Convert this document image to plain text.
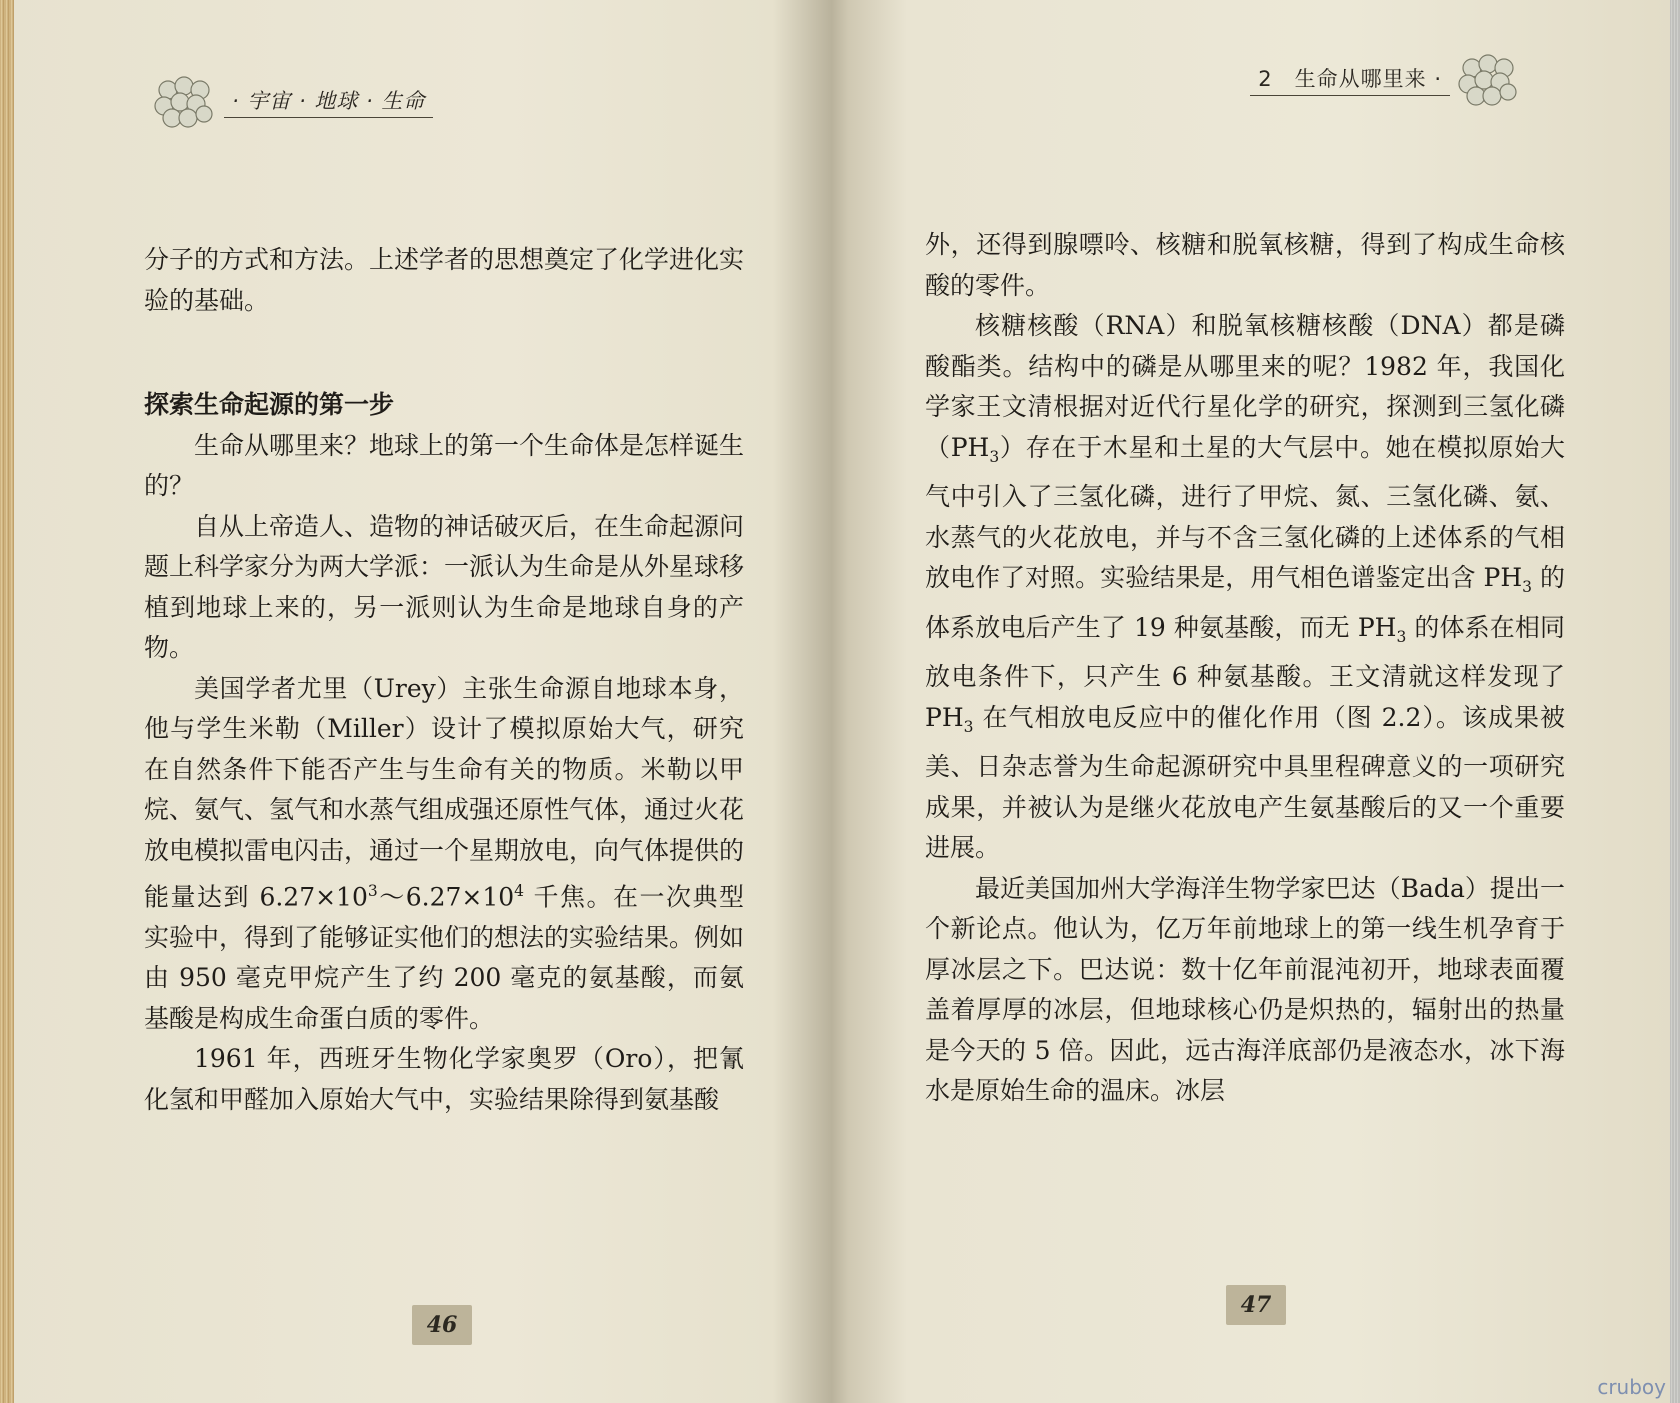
· 宇宙 · 地球 · 生命

分子的方式和方法。上述学者的思想奠定了化学进化实验的基础。

探索生命起源的第一步

生命从哪里来？地球上的第一个生命体是怎样诞生的？

自从上帝造人、造物的神话破灭后，在生命起源问题上科学家分为两大学派：一派认为生命是从外星球移植到地球上来的，另一派则认为生命是地球自身的产物。

美国学者尤里（Urey）主张生命源自地球本身，他与学生米勒（Miller）设计了模拟原始大气，研究在自然条件下能否产生与生命有关的物质。米勒以甲烷、氨气、氢气和水蒸气组成强还原性气体，通过火花放电模拟雷电闪击，通过一个星期放电，向气体提供的能量达到 $6.27\times 10^3\sim 6.27\times 10^4$ 千焦。在一次典型实验中，得到了能够证实他们的想法的实验结果。例如由 950 毫克甲烷产生了约 200 毫克的氨基酸，而氨基酸是构成生命蛋白质的零件。

1961 年，西班牙生物化学家奥罗（Oro），把氰化氢和甲醛加入原始大气中，实验结果除得到氨基酸

46
2　生命从哪里来 ·

外，还得到腺嘌呤、核糖和脱氧核糖，得到了构成生命核酸的零件。

核糖核酸（RNA）和脱氧核糖核酸（DNA）都是磷酸酯类。结构中的磷是从哪里来的呢？1982 年，我国化学家王文清根据对近代行星化学的研究，探测到三氢化磷$(PH_3)$存在于木星和土星的大气层中。她在模拟原始大气中引入了三氢化磷，进行了甲烷、氮、三氢化磷、氨、水蒸气的火花放电，并与不含三氢化磷的上述体系的气相放电作了对照。实验结果是，用气相色谱鉴定出含 $PH_3$ 的体系放电后产生了 19 种氨基酸，而无 $PH_3$ 的体系在相同放电条件下，只产生 6 种氨基酸。王文清就这样发现了 $PH_3$ 在气相放电反应中的催化作用（图 2.2）。该成果被美、日杂志誉为生命起源研究中具里程碑意义的一项研究成果，并被认为是继火花放电产生氨基酸后的又一个重要进展。

最近美国加州大学海洋生物学家巴达（Bada）提出一个新论点。他认为，亿万年前地球上的第一线生机孕育于厚冰层之下。巴达说：数十亿年前混沌初开，地球表面覆盖着厚厚的冰层，但地球核心仍是炽热的，辐射出的热量是今天的 5 倍。因此，远古海洋底部仍是液态水，冰下海水是原始生命的温床。冰层

47
cruboy
